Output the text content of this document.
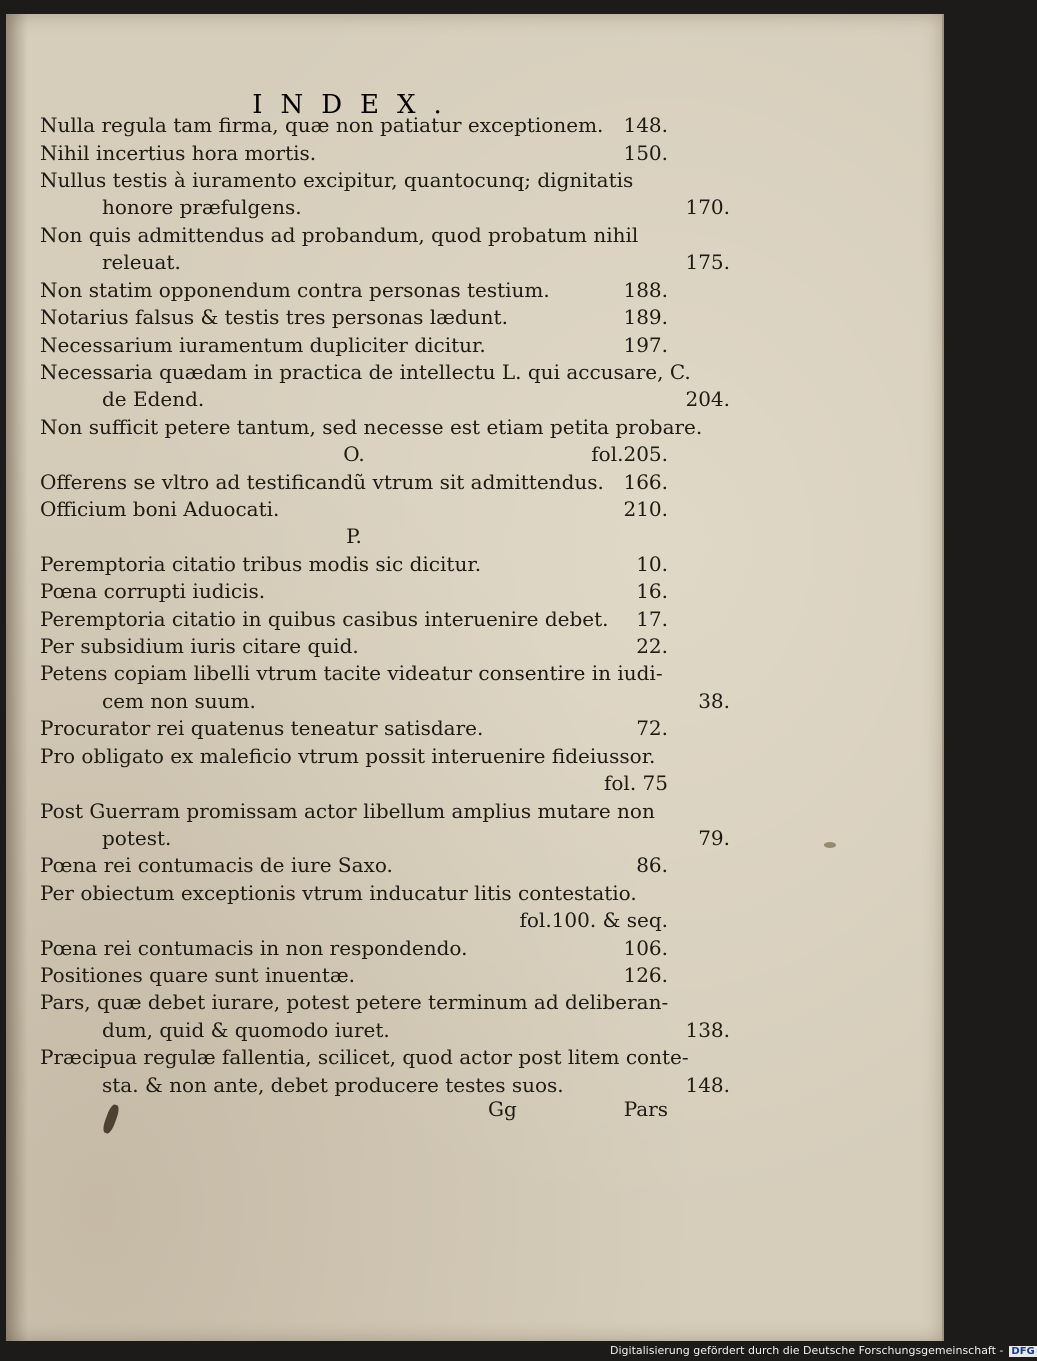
INDEX.
Nulla regula tam firma, quæ non patiatur exceptionem. 148.
Nihil incertius hora mortis.	150.
Nullus testis à iuramento excipitur, quantocunq; dignitatis
honore præfulgens.	170.
Non quis admittendus ad probandum, quod probatum nihil
releuat.	175.
Non statim opponendum contra personas testium.	188.
Notarius falsus & testis tres personas lædunt.	189.
Necessarium iuramentum dupliciter dicitur.	197.
Necessaria quædam in practica de intellectu L. qui accusare, C.
de Edend.	204.
Non sufficit petere tantum, sed necesse est etiam petita probare.
O.	fol.205.
Offerens se vltro ad testificandũ vtrum sit admittendus. 166.
Officium boni Aduocati.	210.
P.
Peremptoria citatio tribus modis sic dicitur.	10.
Pœna corrupti iudicis.	16.
Peremptoria citatio in quibus casibus interuenire debet. 17.
Per subsidium iuris citare quid.	22.
Petens copiam libelli vtrum tacite videatur consentire in iudi-
cem non suum.	38.
Procurator rei quatenus teneatur satisdare.	72.
Pro obligato ex maleficio vtrum possit interuenire fideiussor.
fol. 75
Post Guerram promissam actor libellum amplius mutare non
potest.	79.
Pœna rei contumacis de iure Saxo.	86.
Per obiectum exceptionis vtrum inducatur litis contestatio.
fol.100. & seq.
Pœna rei contumacis in non respondendo.	106.
Positiones quare sunt inuentæ.	126.
Pars, quæ debet iurare, potest petere terminum ad deliberan-
dum, quid & quomodo iuret.	138.
Præcipua regulæ fallentia, scilicet, quod actor post litem conte-
sta. & non ante, debet producere testes suos.	148.
Gg	Pars
Digitalisierung gefördert durch die Deutsche Forschungsgemeinschaft - DFG
